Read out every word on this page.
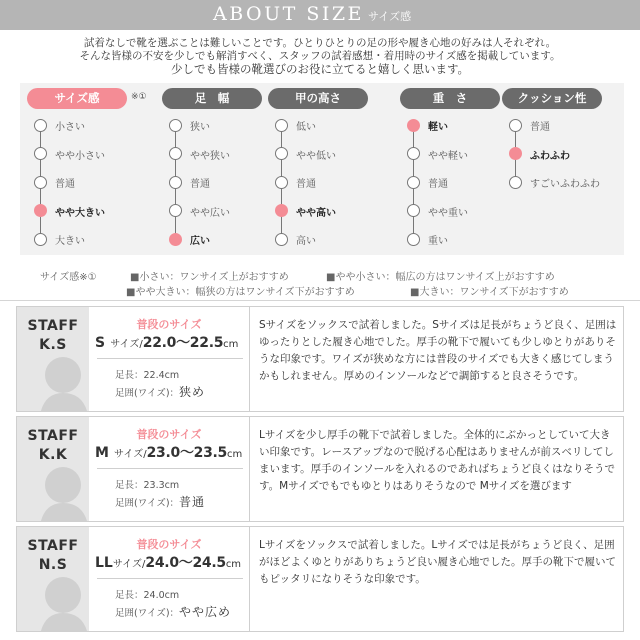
ABOUT SIZE サイズ感
試着なしで靴を選ぶことは難しいことです。ひとりひとりの足の形や履き心地の好みは人それぞれ。
そんな皆様の不安を少しでも解消すべく、スタッフの試着感想・着用時のサイズ感を掲載しています。
少しでも皆様の靴選びのお役に立てると嬉しく思います。
サイズ感	※①
小さい
やや小さい
普通
やや大きい
大きい
足　幅
狭い
やや狭い
普通
やや広い
広い
甲の高さ
低い
やや低い
普通
やや高い
高い
重　さ
軽い
やや軽い
普通
やや重い
重い
クッション性
普通
ふわふわ
すごいふわふわ
サイズ感※①	■小さい：ワンサイズ上がおすすめ	■やや小さい：幅広の方はワンサイズ上がおすすめ
■やや大きい：幅狭の方はワンサイズ下がおすすめ	■大きい：ワンサイズ下がおすすめ
STAFF
K.S
普段のサイズ
S サイズ/22.0〜22.5cm
足長：22.4cm
足囲(ワイズ)：狭め
Sサイズをソックスで試着しました。Sサイズは足長がちょうど良く、足囲はゆったりとした履き心地でした。厚手の靴下で履いても少しゆとりがありそうな印象です。ワイズが狭めな方には普段のサイズでも大きく感じてしまうかもしれません。厚めのインソールなどで調節すると良さそうです。
STAFF
K.K
普段のサイズ
M サイズ/23.0〜23.5cm
足長：23.3cm
足囲(ワイズ)：普通
Lサイズを少し厚手の靴下で試着しました。全体的にぶかっとしていて大きい印象です。レースアップなので脱げる心配はありませんが前スベリしてしまいます。厚手のインソールを入れるのであればちょうど良くはなりそうです。Mサイズでもでもゆとりはありそうなので Mサイズを選びます
STAFF
N.S
普段のサイズ
LLサイズ/24.0〜24.5cm
足長：24.0cm
足囲(ワイズ)：やや広め
Lサイズをソックスで試着しました。Lサイズでは足長がちょうど良く、足囲がほどよくゆとりがありちょうど良い履き心地でした。厚手の靴下で履いてもピッタリになりそうな印象です。
